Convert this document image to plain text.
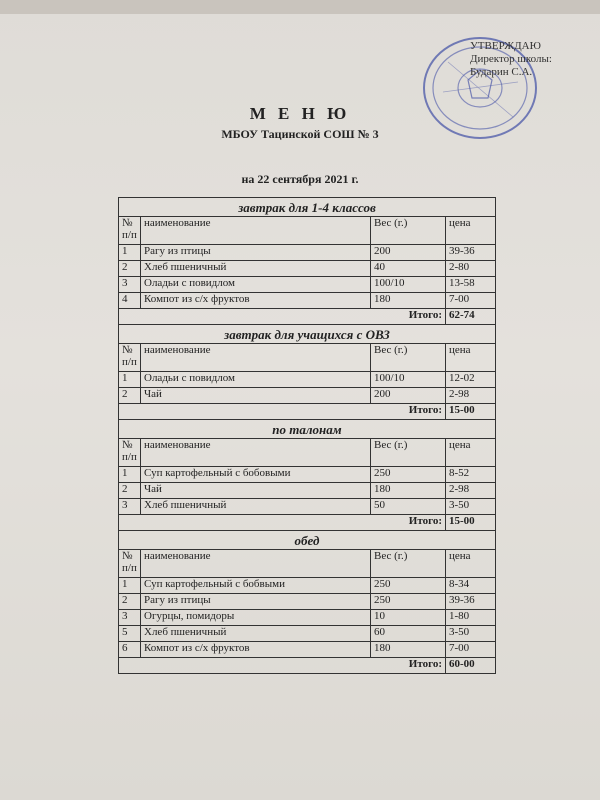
УТВЕРЖДАЮ
Директор школы:
Бударин С.А.
М Е Н Ю
МБОУ Тацинской СОШ № 3
на 22 сентября 2021 г.
завтрак для 1-4 классов			
№ п/п	наименование	Вес (г.)	цена
1	Рагу из птицы	200	39-36
2	Хлеб пшеничный	40	2-80
3	Оладьи с повидлом	100/10	13-58
4	Компот из с/х фруктов	180	7-00
Итого:			62-74
завтрак для учащихся с ОВЗ			
№ п/п	наименование	Вес (г.)	цена
1	Оладьи с повидлом	100/10	12-02
2	Чай	200	2-98
Итого:			15-00
по талонам			
№ п/п	наименование	Вес (г.)	цена
1	Суп картофельный с бобовыми	250	8-52
2	Чай	180	2-98
3	Хлеб пшеничный	50	3-50
Итого:			15-00
обед			
№ п/п	наименование	Вес (г.)	цена
1	Суп картофельный с бобвыми	250	8-34
2	Рагу из птицы	250	39-36
3	Огурцы, помидоры	10	1-80
5	Хлеб пшеничный	60	3-50
6	Компот из с/х фруктов	180	7-00
Итого:			60-00
